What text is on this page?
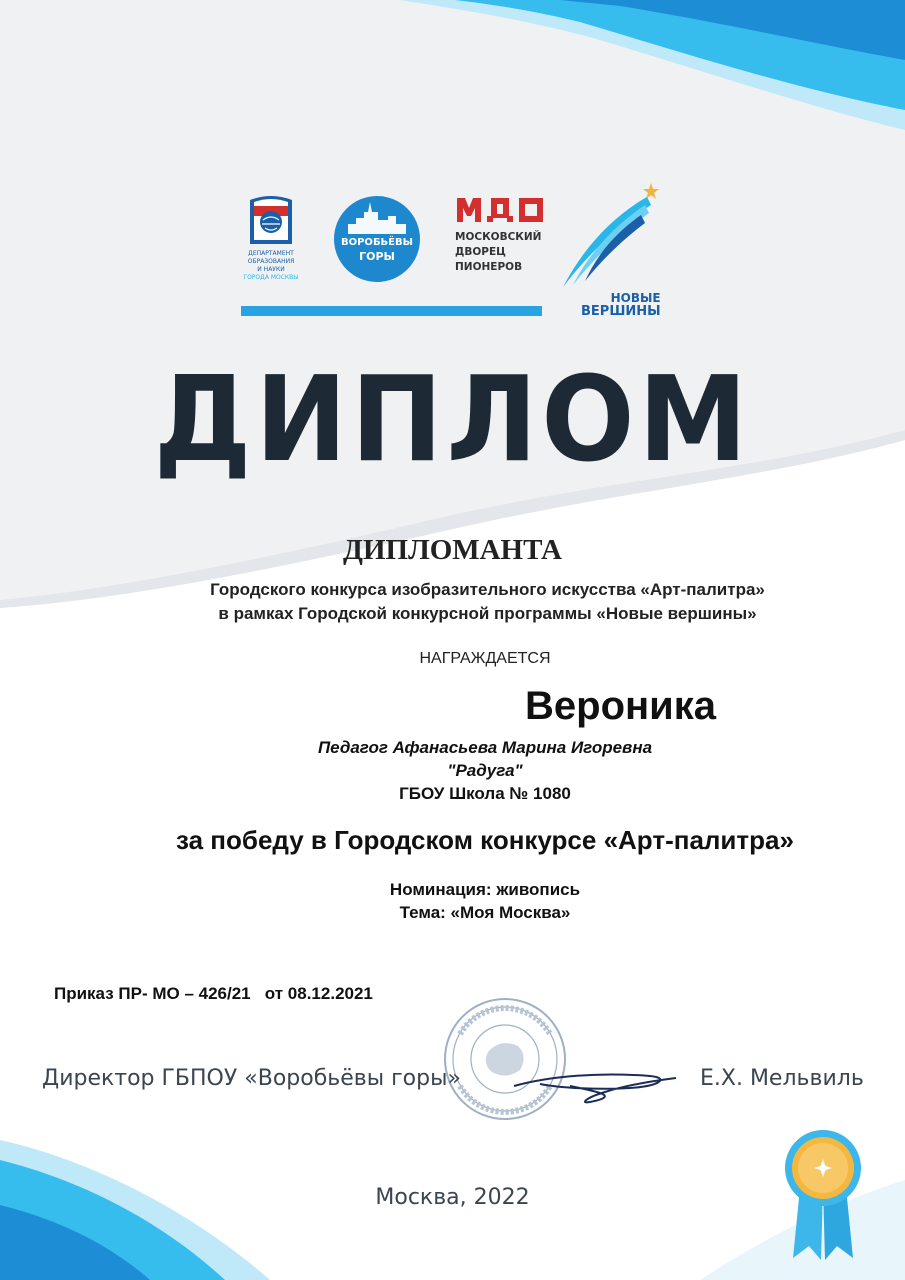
ДЕПАРТАМЕНТ
ОБРАЗОВАНИЯ
И НАУКИ
ГОРОДА МОСКВЫ
ВОРОБЬЁВЫ
ГОРЫ
МОСКОВСКИЙ
ДВОРЕЦ
ПИОНЕРОВ
НОВЫЕ
ВЕРШИНЫ
ДИПЛОМ
ДИПЛОМАНТА
Городского конкурса изобразительного искусства «Арт-палитра»
в рамках Городской конкурсной программы «Новые вершины»
НАГРАЖДАЕТСЯ
Вероника
Педагог Афанасьева Марина Игоревна
"Радуга"
ГБОУ Школа № 1080
за победу в Городском конкурсе «Арт-палитра»
Номинация: живопись
Тема: «Моя Москва»
Приказ ПР- МО – 426/21   от 08.12.2021
Директор ГБПОУ «Воробьёвы горы»	Е.Х. Мельвиль
Москва, 2022
